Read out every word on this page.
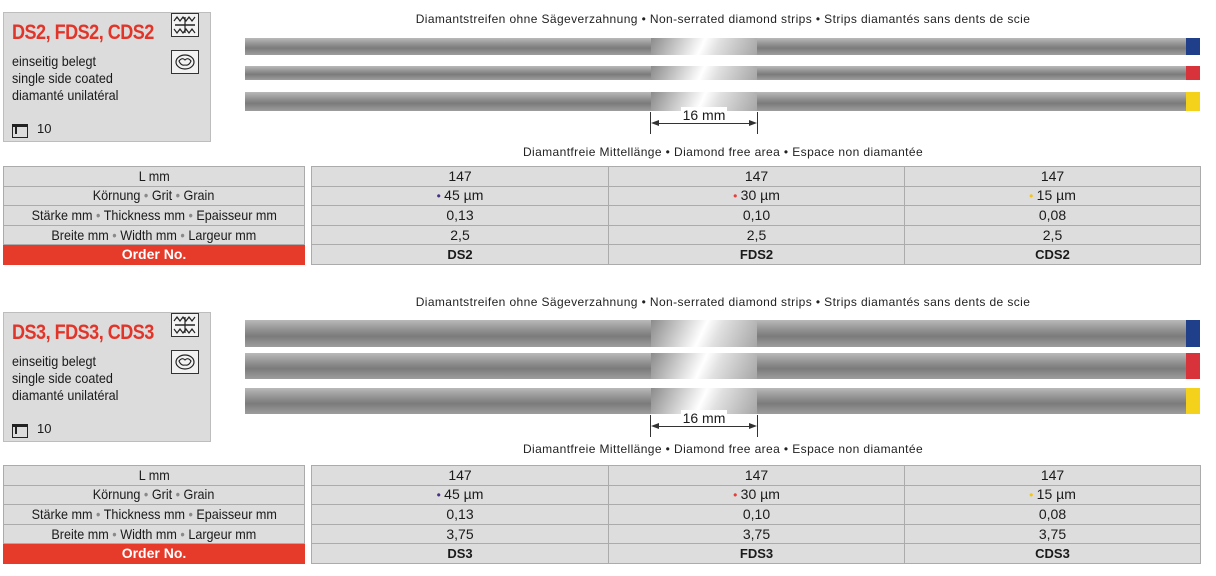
DS2, FDS2, CDS2
einseitig belegt
single side coated
diamanté unilatéral
10
Diamantstreifen ohne Sägeverzahnung • Non-serrated diamond strips • Strips diamantés sans dents de scie
16 mm
Diamantfreie Mittellänge • Diamond free area • Espace non diamantée
L mm		147	147	147
Körnung • Grit • Grain		• 45 µm	• 30 µm	• 15 µm
Stärke mm • Thickness mm • Epaisseur mm		0,13	0,10	0,08
Breite mm • Width mm • Largeur mm		2,5	2,5	2,5
Order No.		DS2	FDS2	CDS2
DS3, FDS3, CDS3
einseitig belegt
single side coated
diamanté unilatéral
10
Diamantstreifen ohne Sägeverzahnung • Non-serrated diamond strips • Strips diamantés sans dents de scie
16 mm
Diamantfreie Mittellänge • Diamond free area • Espace non diamantée
L mm		147	147	147
Körnung • Grit • Grain		• 45 µm	• 30 µm	• 15 µm
Stärke mm • Thickness mm • Epaisseur mm		0,13	0,10	0,08
Breite mm • Width mm • Largeur mm		3,75	3,75	3,75
Order No.		DS3	FDS3	CDS3
